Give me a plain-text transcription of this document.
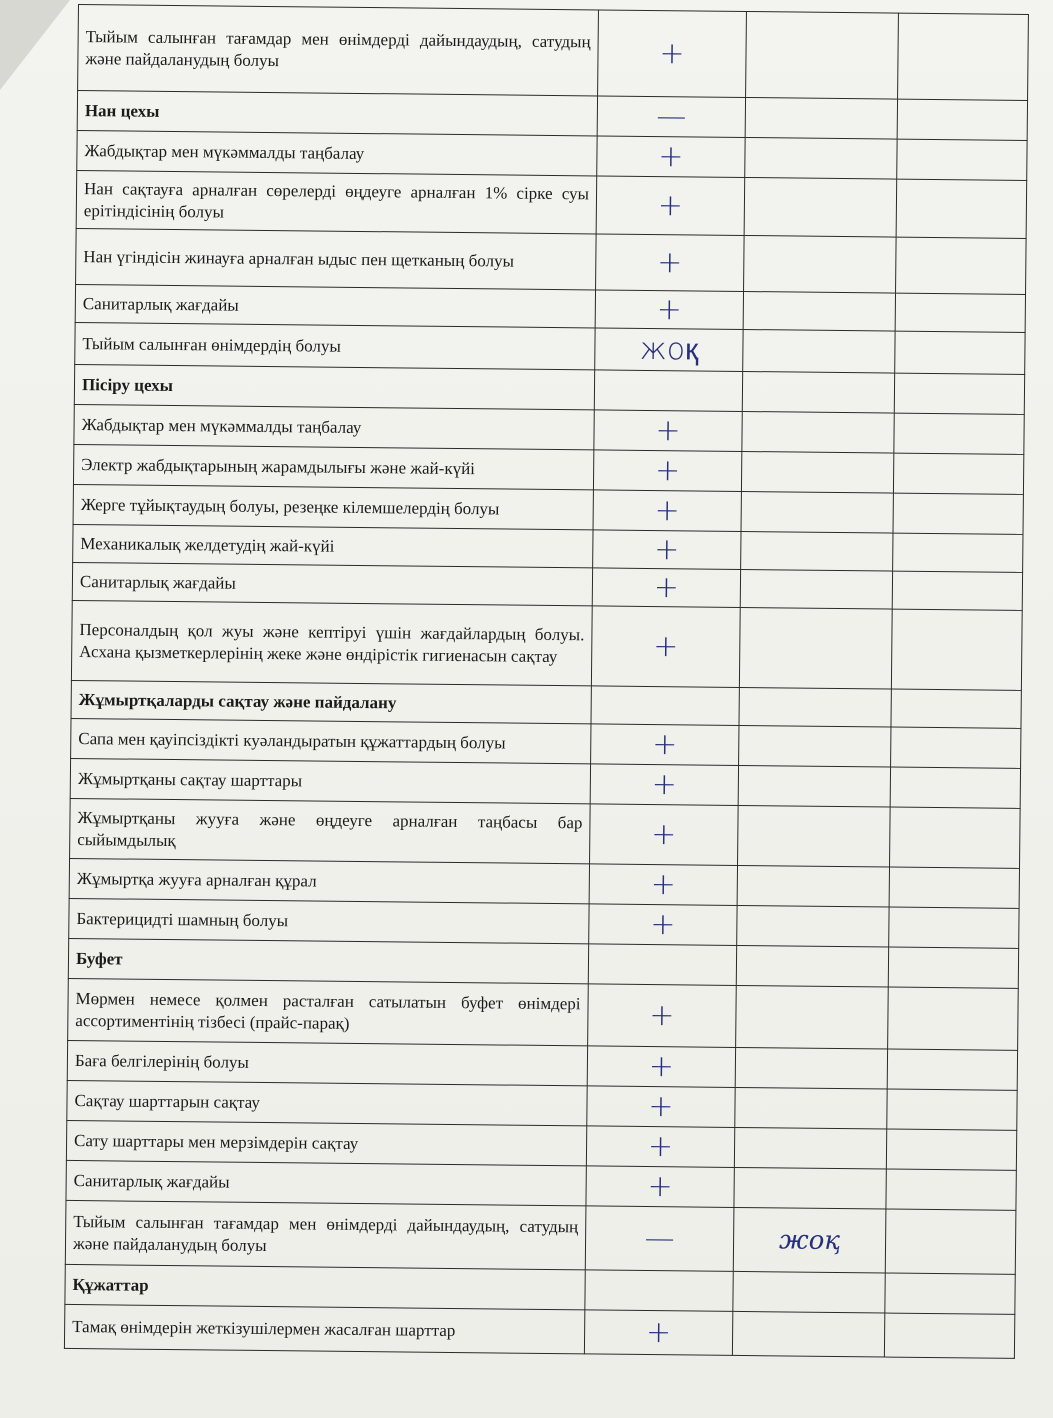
Тыйым салынған тағамдар мен өнімдерді дайындаудың, сатудың және пайдаланудың болуы	+		
Нан цехы	—		
Жабдықтар мен мүкәммалды таңбалау	+		
Нан сақтауға арналған сөрелерді өңдеуге арналған 1% сірке суы ерітіндісінің болуы	+		
Нан үгіндісін жинауға арналған ыдыс пен щетканың болуы	+		
Санитарлық жағдайы	+		
Тыйым салынған өнімдердің болуы	жоқ		
Пісіру цехы			
Жабдықтар мен мүкәммалды таңбалау	+		
Электр жабдықтарының жарамдылығы және жай-күйі	+		
Жерге тұйықтаудың болуы, резеңке кілемшелердің болуы	+		
Механикалық желдетудің жай-күйі	+		
Санитарлық жағдайы	+		
Персоналдың қол жуы және кептіруі үшін жағдайлардың болуы. Асхана қызметкерлерінің жеке және өндірістік гигиенасын сақтау	+		
Жұмыртқаларды сақтау және пайдалану			
Сапа мен қауіпсіздікті куәландыратын құжаттардың болуы	+		
Жұмыртқаны сақтау шарттары	+		
Жұмыртқаны жууға және өңдеуге арналған таңбасы бар сыйымдылық	+		
Жұмыртқа жууға арналған құрал	+		
Бактерицидті шамның болуы	+		
Буфет			
Мөрмен немесе қолмен расталған сатылатын буфет өнімдері ассортиментінің тізбесі (прайс-парақ)	+		
Баға белгілерінің болуы	+		
Сақтау шарттарын сақтау	+		
Сату шарттары мен мерзімдерін сақтау	+		
Санитарлық жағдайы	+		
Тыйым салынған тағамдар мен өнімдерді дайындаудың, сатудың және пайдаланудың болуы	—	жоқ	
Құжаттар			
Тамақ өнімдерін жеткізушілермен жасалған шарттар	+		
